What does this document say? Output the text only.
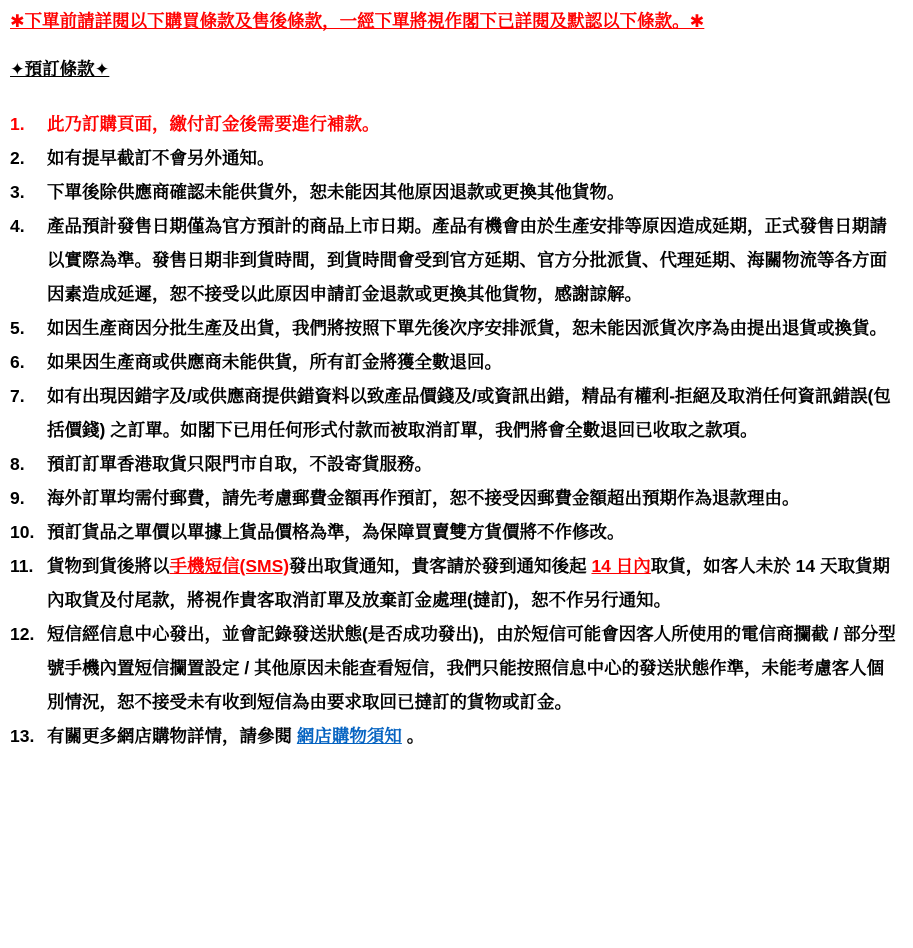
✱下單前請詳閱以下購買條款及售後條款，一經下單將視作閣下已詳閱及默認以下條款。✱
✦預訂條款✦
1.	此乃訂購頁面，繳付訂金後需要進行補款。
2.	如有提早截訂不會另外通知。
3.	下單後除供應商確認未能供貨外，恕未能因其他原因退款或更換其他貨物。
4.	產品預計發售日期僅為官方預計的商品上市日期。產品有機會由於生產安排等原因造成延期，正式發售日期請以實際為準。發售日期非到貨時間，到貨時間會受到官方延期、官方分批派貨、代理延期、海關物流等各方面因素造成延遲，恕不接受以此原因申請訂金退款或更換其他貨物，感謝諒解。
5.	如因生產商因分批生產及出貨，我們將按照下單先後次序安排派貨，恕未能因派貨次序為由提出退貨或換貨。
6.	如果因生產商或供應商未能供貨，所有訂金將獲全數退回。
7.	如有出現因錯字及/或供應商提供錯資料以致產品價錢及/或資訊出錯，精品有權利-拒絕及取消任何資訊錯誤(包括價錢) 之訂單。如閣下已用任何形式付款而被取消訂單，我們將會全數退回已收取之款項。
8.	預訂訂單香港取貨只限門市自取，不設寄貨服務。
9.	海外訂單均需付郵費，請先考慮郵費金額再作預訂，恕不接受因郵費金額超出預期作為退款理由。
10. 預訂貨品之單價以單據上貨品價格為準，為保障買賣雙方貨價將不作修改。
11. 貨物到貨後將以手機短信(SMS)發出取貨通知，貴客請於發到通知後起 14 日內取貨，如客人未於 14 天取貨期內取貨及付尾款，將視作貴客取消訂單及放棄訂金處理(撻訂)，恕不作另行通知。
12. 短信經信息中心發出，並會記錄發送狀態(是否成功發出)，由於短信可能會因客人所使用的電信商攔截 / 部分型號手機內置短信攔置設定 / 其他原因未能查看短信，我們只能按照信息中心的發送狀態作準，未能考慮客人個別情況，恕不接受未有收到短信為由要求取回已撻訂的貨物或訂金。
13. 有關更多網店購物詳情，請參閱 網店購物須知 。
